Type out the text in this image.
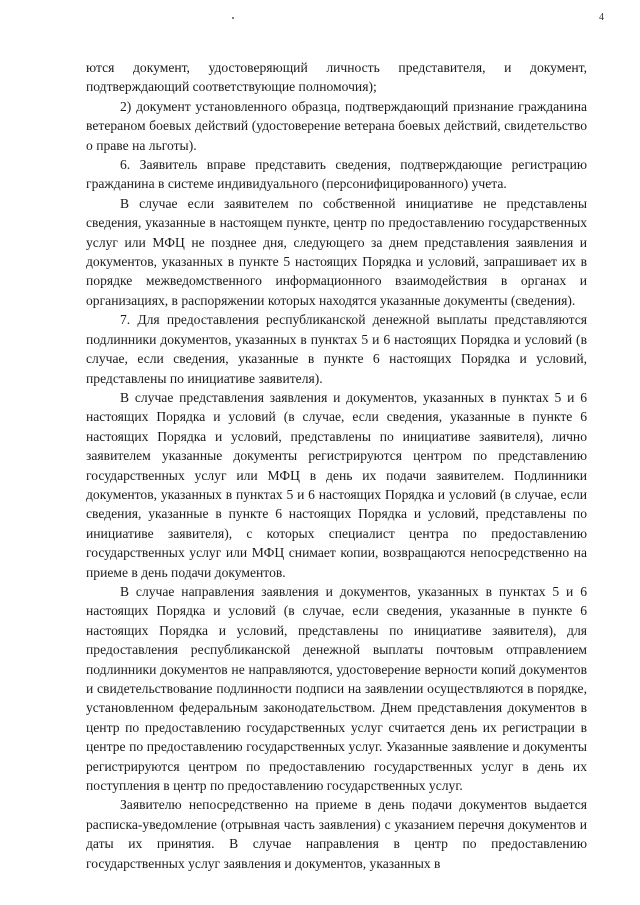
4

ются документ, удостоверяющий личность представителя, и документ, подтверждающий соответствующие полномочия);

2) документ установленного образца, подтверждающий признание гражданина ветераном боевых действий (удостоверение ветерана боевых действий, свидетельство о праве на льготы).

6. Заявитель вправе представить сведения, подтверждающие регистрацию гражданина в системе индивидуального (персонифицированного) учета.

В случае если заявителем по собственной инициативе не представлены сведения, указанные в настоящем пункте, центр по предоставлению государственных услуг или МФЦ не позднее дня, следующего за днем представления заявления и документов, указанных в пункте 5 настоящих Порядка и условий, запрашивает их в порядке межведомственного информационного взаимодействия в органах и организациях, в распоряжении которых находятся указанные документы (сведения).

7. Для предоставления республиканской денежной выплаты представляются подлинники документов, указанных в пунктах 5 и 6 настоящих Порядка и условий (в случае, если сведения, указанные в пункте 6 настоящих Порядка и условий, представлены по инициативе заявителя).

В случае представления заявления и документов, указанных в пунктах 5 и 6 настоящих Порядка и условий (в случае, если сведения, указанные в пункте 6 настоящих Порядка и условий, представлены по инициативе заявителя), лично заявителем указанные документы регистрируются центром по представлению государственных услуг или МФЦ в день их подачи заявителем. Подлинники документов, указанных в пунктах 5 и 6 настоящих Порядка и условий (в случае, если сведения, указанные в пункте 6 настоящих Порядка и условий, представлены по инициативе заявителя), с которых специалист центра по предоставлению государственных услуг или МФЦ снимает копии, возвращаются непосредственно на приеме в день подачи документов.

В случае направления заявления и документов, указанных в пунктах 5 и 6 настоящих Порядка и условий (в случае, если сведения, указанные в пункте 6 настоящих Порядка и условий, представлены по инициативе заявителя), для предоставления республиканской денежной выплаты почтовым отправлением подлинники документов не направляются, удостоверение верности копий документов и свидетельствование подлинности подписи на заявлении осуществляются в порядке, установленном федеральным законодательством. Днем представления документов в центр по предоставлению государственных услуг считается день их регистрации в центре по предоставлению государственных услуг. Указанные заявление и документы регистрируются центром по предоставлению государственных услуг в день их поступления в центр по предоставлению государственных услуг.

Заявителю непосредственно на приеме в день подачи документов выдается расписка-уведомление (отрывная часть заявления) с указанием перечня документов и даты их принятия. В случае направления в центр по предоставлению государственных услуг заявления и документов, указанных в
